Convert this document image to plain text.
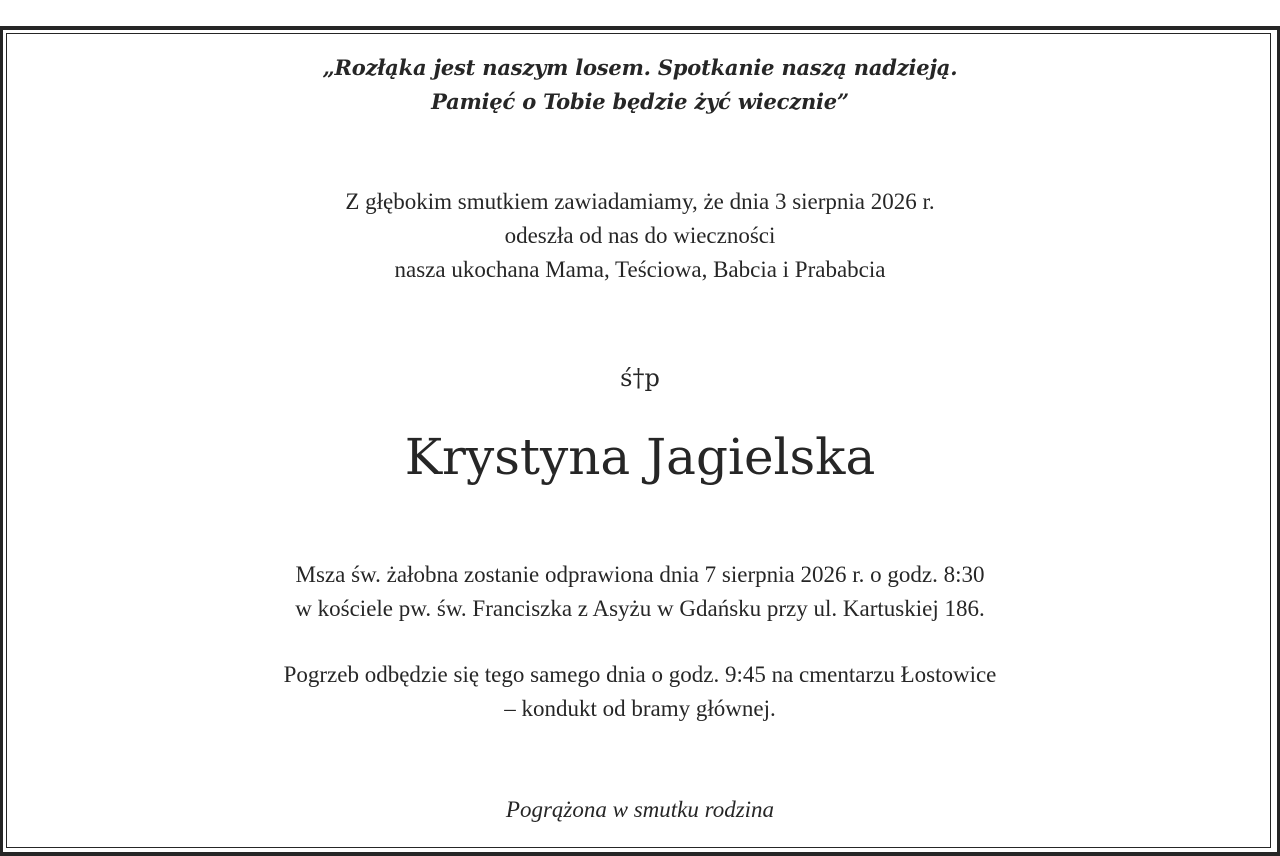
„Rozłąka jest naszym losem. Spotkanie naszą nadzieją.
Pamięć o Tobie będzie żyć wiecznie”
Z głębokim smutkiem zawiadamiamy, że dnia 3 sierpnia 2026 r.
odeszła od nas do wieczności
nasza ukochana Mama, Teściowa, Babcia i Prababcia
ś†p
Krystyna Jagielska
Msza św. żałobna zostanie odprawiona dnia 7 sierpnia 2026 r. o godz. 8:30
w kościele pw. św. Franciszka z Asyżu w Gdańsku przy ul. Kartuskiej 186.
Pogrzeb odbędzie się tego samego dnia o godz. 9:45 na cmentarzu Łostowice
– kondukt od bramy głównej.
Pogrążona w smutku rodzina
